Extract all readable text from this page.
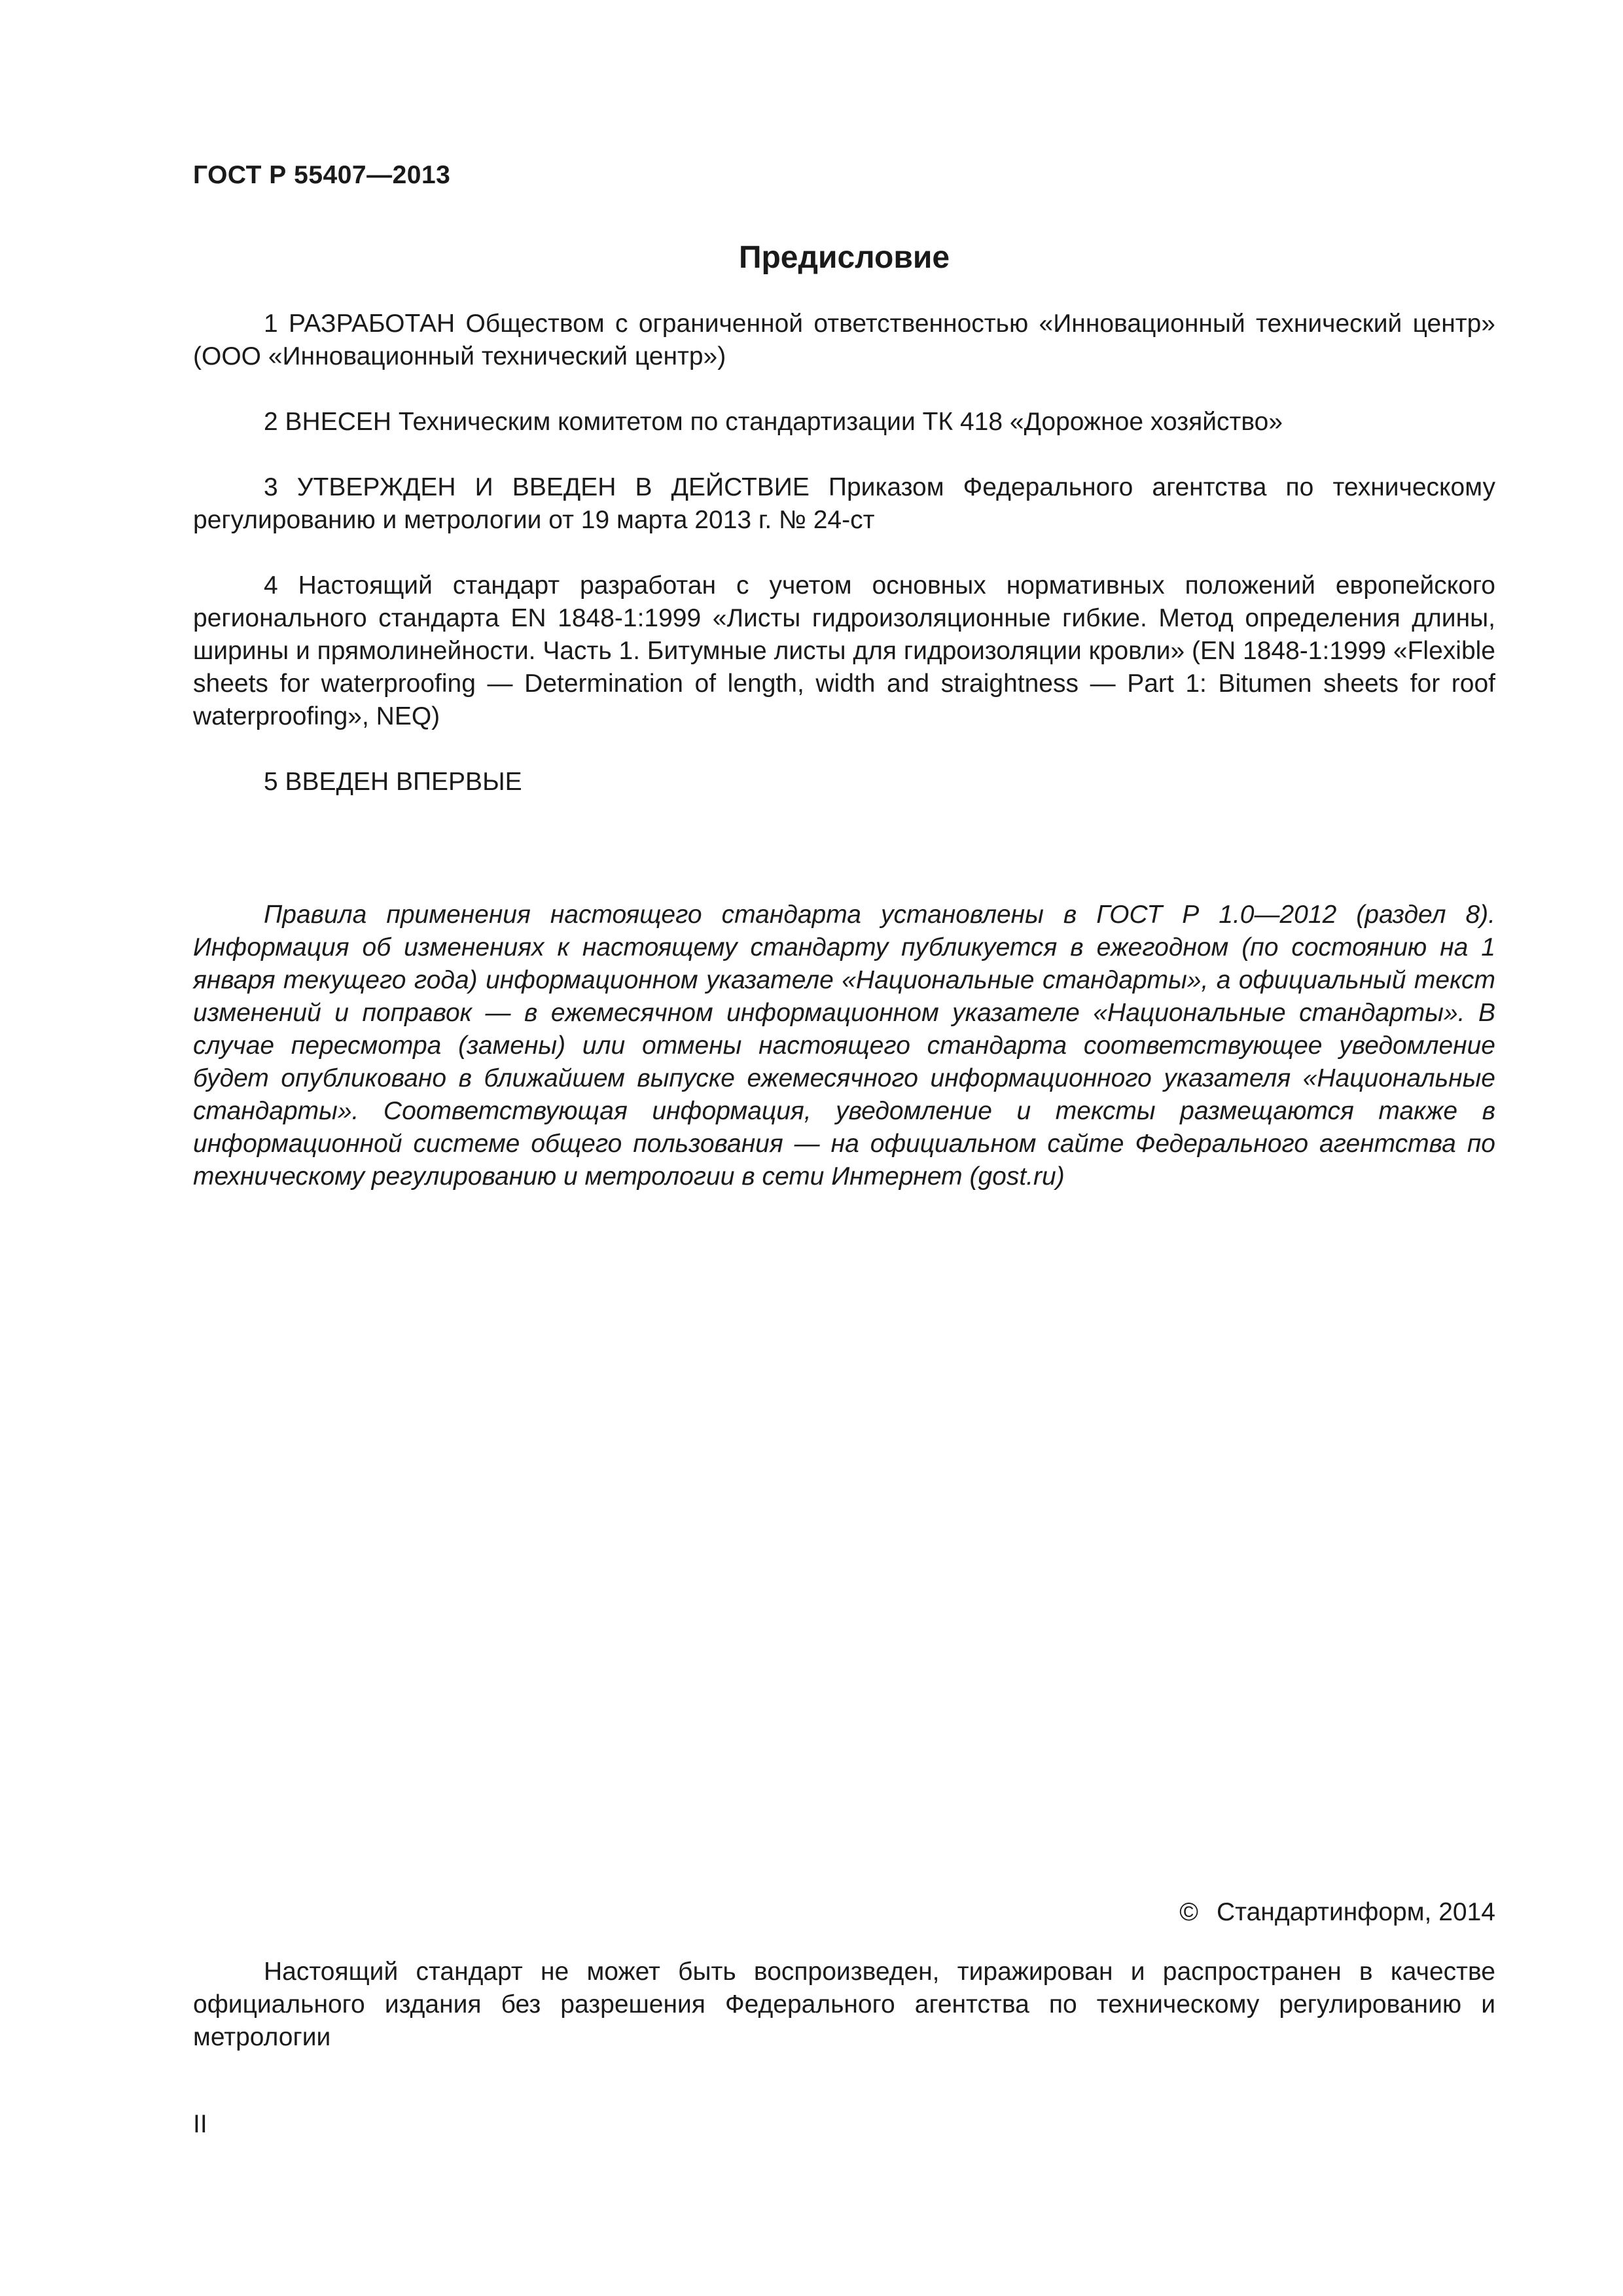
ГОСТ Р 55407—2013

Предисловие

1 РАЗРАБОТАН Обществом с ограниченной ответственностью «Инновационный технический центр» (ООО «Инновационный технический центр»)

2 ВНЕСЕН Техническим комитетом по стандартизации ТК 418 «Дорожное хозяйство»

3 УТВЕРЖДЕН И ВВЕДЕН В ДЕЙСТВИЕ Приказом Федерального агентства по техническому регулированию и метрологии от 19 марта 2013 г. № 24-ст

4 Настоящий стандарт разработан с учетом основных нормативных положений европейского регионального стандарта EN 1848-1:1999 «Листы гидроизоляционные гибкие. Метод определения длины, ширины и прямолинейности. Часть 1. Битумные листы для гидроизоляции кровли» (EN 1848-1:1999 «Flexible sheets for waterproofing — Determination of length, width and straightness — Part 1: Bitumen sheets for roof waterproofing», NEQ)

5 ВВЕДЕН ВПЕРВЫЕ

Правила применения настоящего стандарта установлены в ГОСТ Р 1.0—2012 (раздел 8). Информация об изменениях к настоящему стандарту публикуется в ежегодном (по состоянию на 1 января текущего года) информационном указателе «Национальные стандарты», а официальный текст изменений и поправок — в ежемесячном информационном указателе «Национальные стандарты». В случае пересмотра (замены) или отмены настоящего стандарта соответствующее уведомление будет опубликовано в ближайшем выпуске ежемесячного информационного указателя «Национальные стандарты». Соответствующая информация, уведомление и тексты размещаются также в информационной системе общего пользования — на официальном сайте Федерального агентства по техническому регулированию и метрологии в сети Интернет (gost.ru)

© Стандартинформ, 2014

Настоящий стандарт не может быть воспроизведен, тиражирован и распространен в качестве официального издания без разрешения Федерального агентства по техническому регулированию и метрологии

II
